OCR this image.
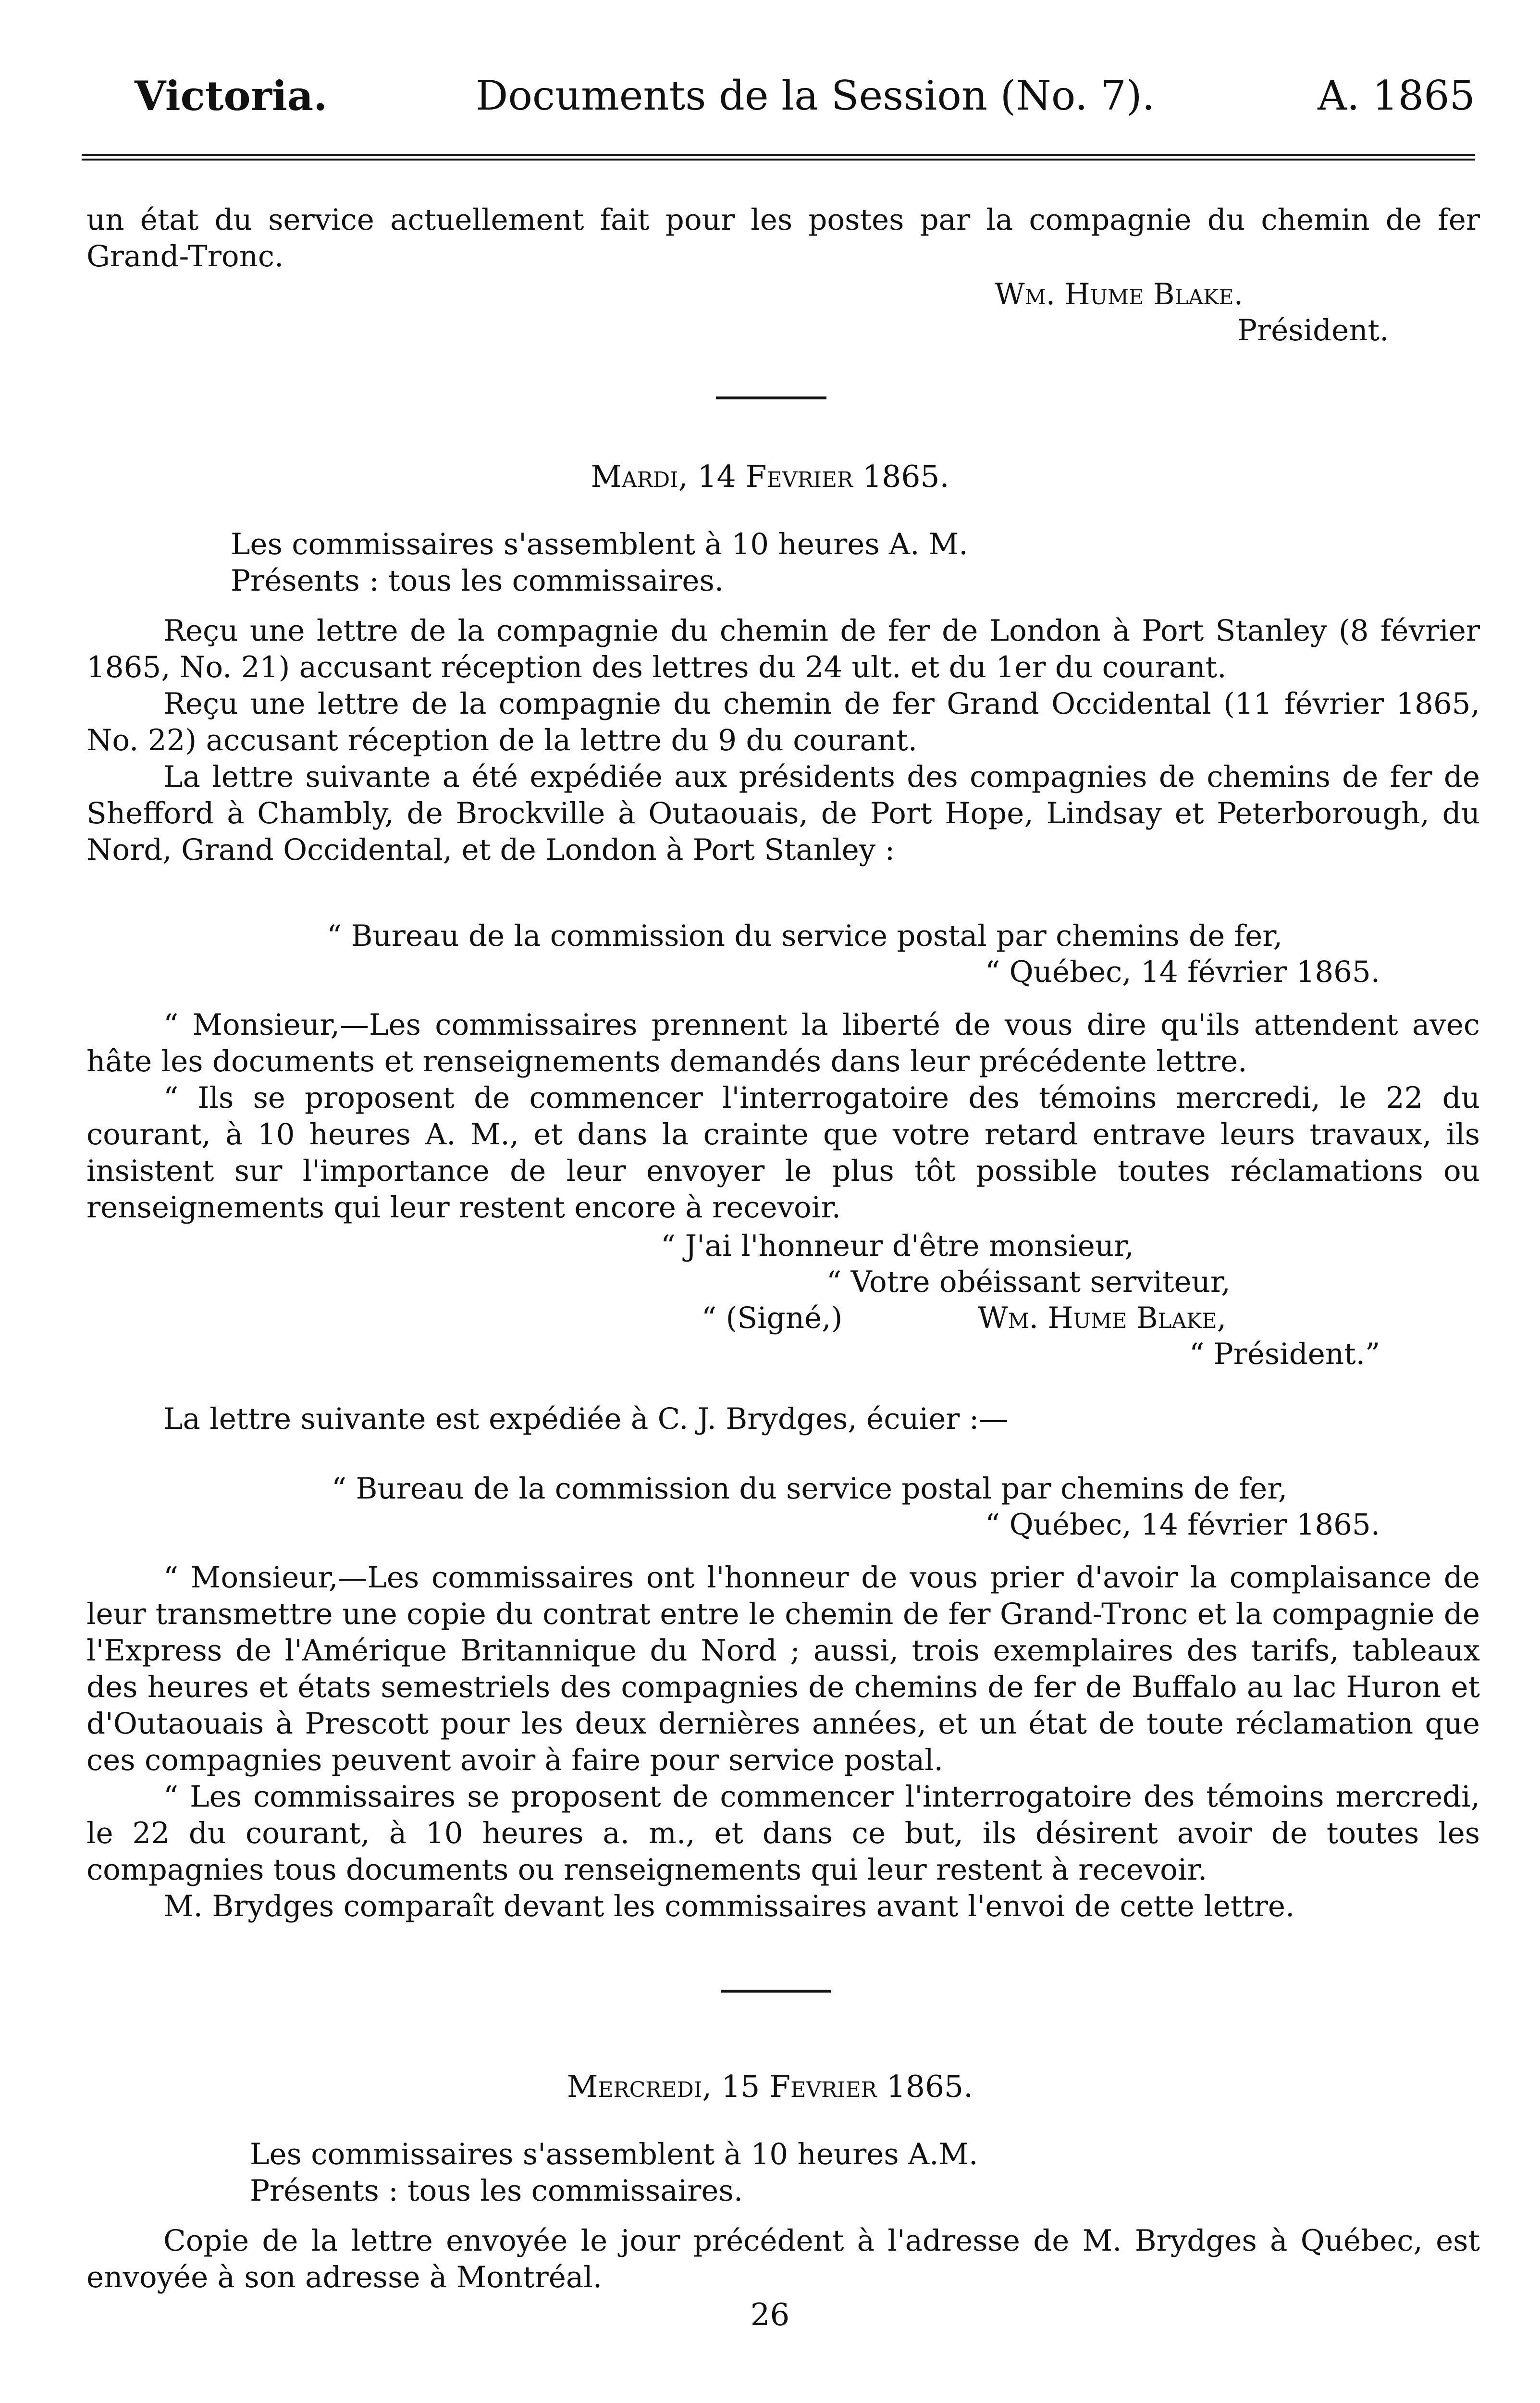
Victoria.	Documents de la Session (No. 7).	A. 1865

un état du service actuellement fait pour les postes par la compagnie du chemin de fer Grand-Tronc.

Wm. Hume Blake.
Président.
Mardi, 14 Fevrier 1865.

Les commissaires s'assemblent à 10 heures A. M.

Présents : tous les commissaires.

Reçu une lettre de la compagnie du chemin de fer de London à Port Stanley (8 février 1865, No. 21) accusant réception des lettres du 24 ult. et du 1er du courant.

Reçu une lettre de la compagnie du chemin de fer Grand Occidental (11 février 1865, No. 22) accusant réception de la lettre du 9 du courant.

La lettre suivante a été expédiée aux présidents des compagnies de chemins de fer de Shefford à Chambly, de Brockville à Outaouais, de Port Hope, Lindsay et Peterborough, du Nord, Grand Occidental, et de London à Port Stanley :

“ Bureau de la commission du service postal par chemins de fer,
“ Québec, 14 février 1865.

“ Monsieur,—Les commissaires prennent la liberté de vous dire qu'ils attendent avec hâte les documents et renseignements demandés dans leur précédente lettre.

“ Ils se proposent de commencer l'interrogatoire des témoins mercredi, le 22 du courant, à 10 heures A. M., et dans la crainte que votre retard entrave leurs travaux, ils insistent sur l'importance de leur envoyer le plus tôt possible toutes réclamations ou renseignements qui leur restent encore à recevoir.

“ J'ai l'honneur d'être monsieur,
“ Votre obéissant serviteur,
“ (Signé,)	Wm. Hume Blake,
“ Président.”

La lettre suivante est expédiée à C. J. Brydges, écuier :—

“ Bureau de la commission du service postal par chemins de fer,
“ Québec, 14 février 1865.

“ Monsieur,—Les commissaires ont l'honneur de vous prier d'avoir la complaisance de leur transmettre une copie du contrat entre le chemin de fer Grand-Tronc et la compagnie de l'Express de l'Amérique Britannique du Nord ; aussi, trois exemplaires des tarifs, tableaux des heures et états semestriels des compagnies de chemins de fer de Buffalo au lac Huron et d'Outaouais à Prescott pour les deux dernières années, et un état de toute réclamation que ces compagnies peuvent avoir à faire pour service postal.

“ Les commissaires se proposent de commencer l'interrogatoire des témoins mercredi, le 22 du courant, à 10 heures a. m., et dans ce but, ils désirent avoir de toutes les compagnies tous documents ou renseignements qui leur restent à recevoir.

M. Brydges comparaît devant les commissaires avant l'envoi de cette lettre.

Mercredi, 15 Fevrier 1865.

Les commissaires s'assemblent à 10 heures A.M.

Présents : tous les commissaires.

Copie de la lettre envoyée le jour précédent à l'adresse de M. Brydges à Québec, est envoyée à son adresse à Montréal.

26
